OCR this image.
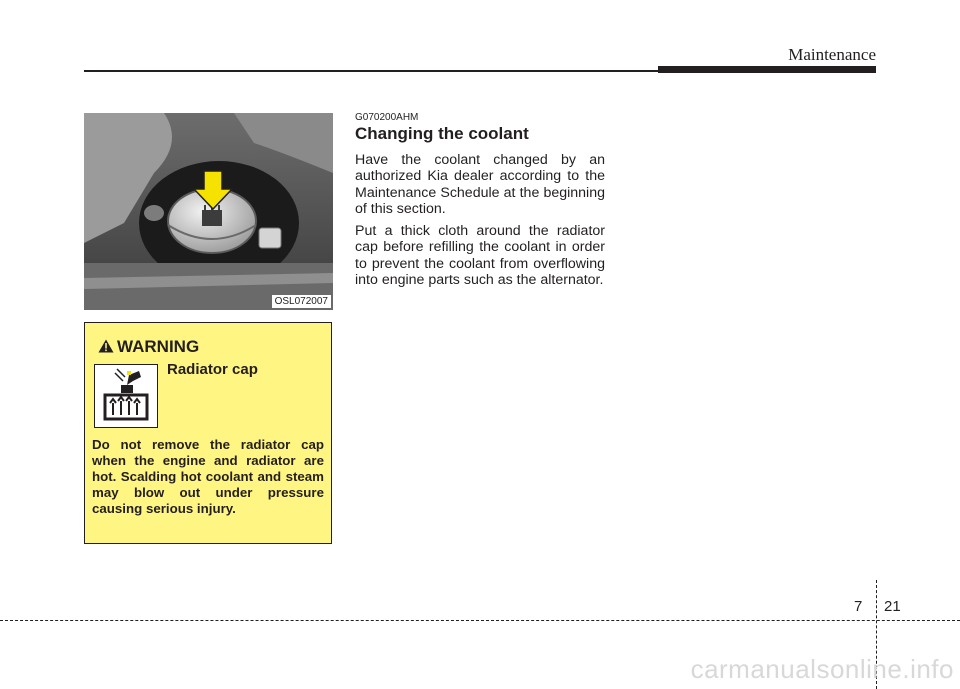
Maintenance
OSL072007
WARNING
Radiator cap
Do not remove the radiator cap when the engine and radiator are hot. Scalding hot coolant and steam may blow out under pressure causing serious injury.
G070200AHM
Changing the coolant

Have the coolant changed by an authorized Kia dealer according to the Maintenance Schedule at the beginning of this section.

Put a thick cloth around the radiator cap before refilling the coolant in order to prevent the coolant from overflowing into engine parts such as the alternator.

7 21
carmanualsonline.info
